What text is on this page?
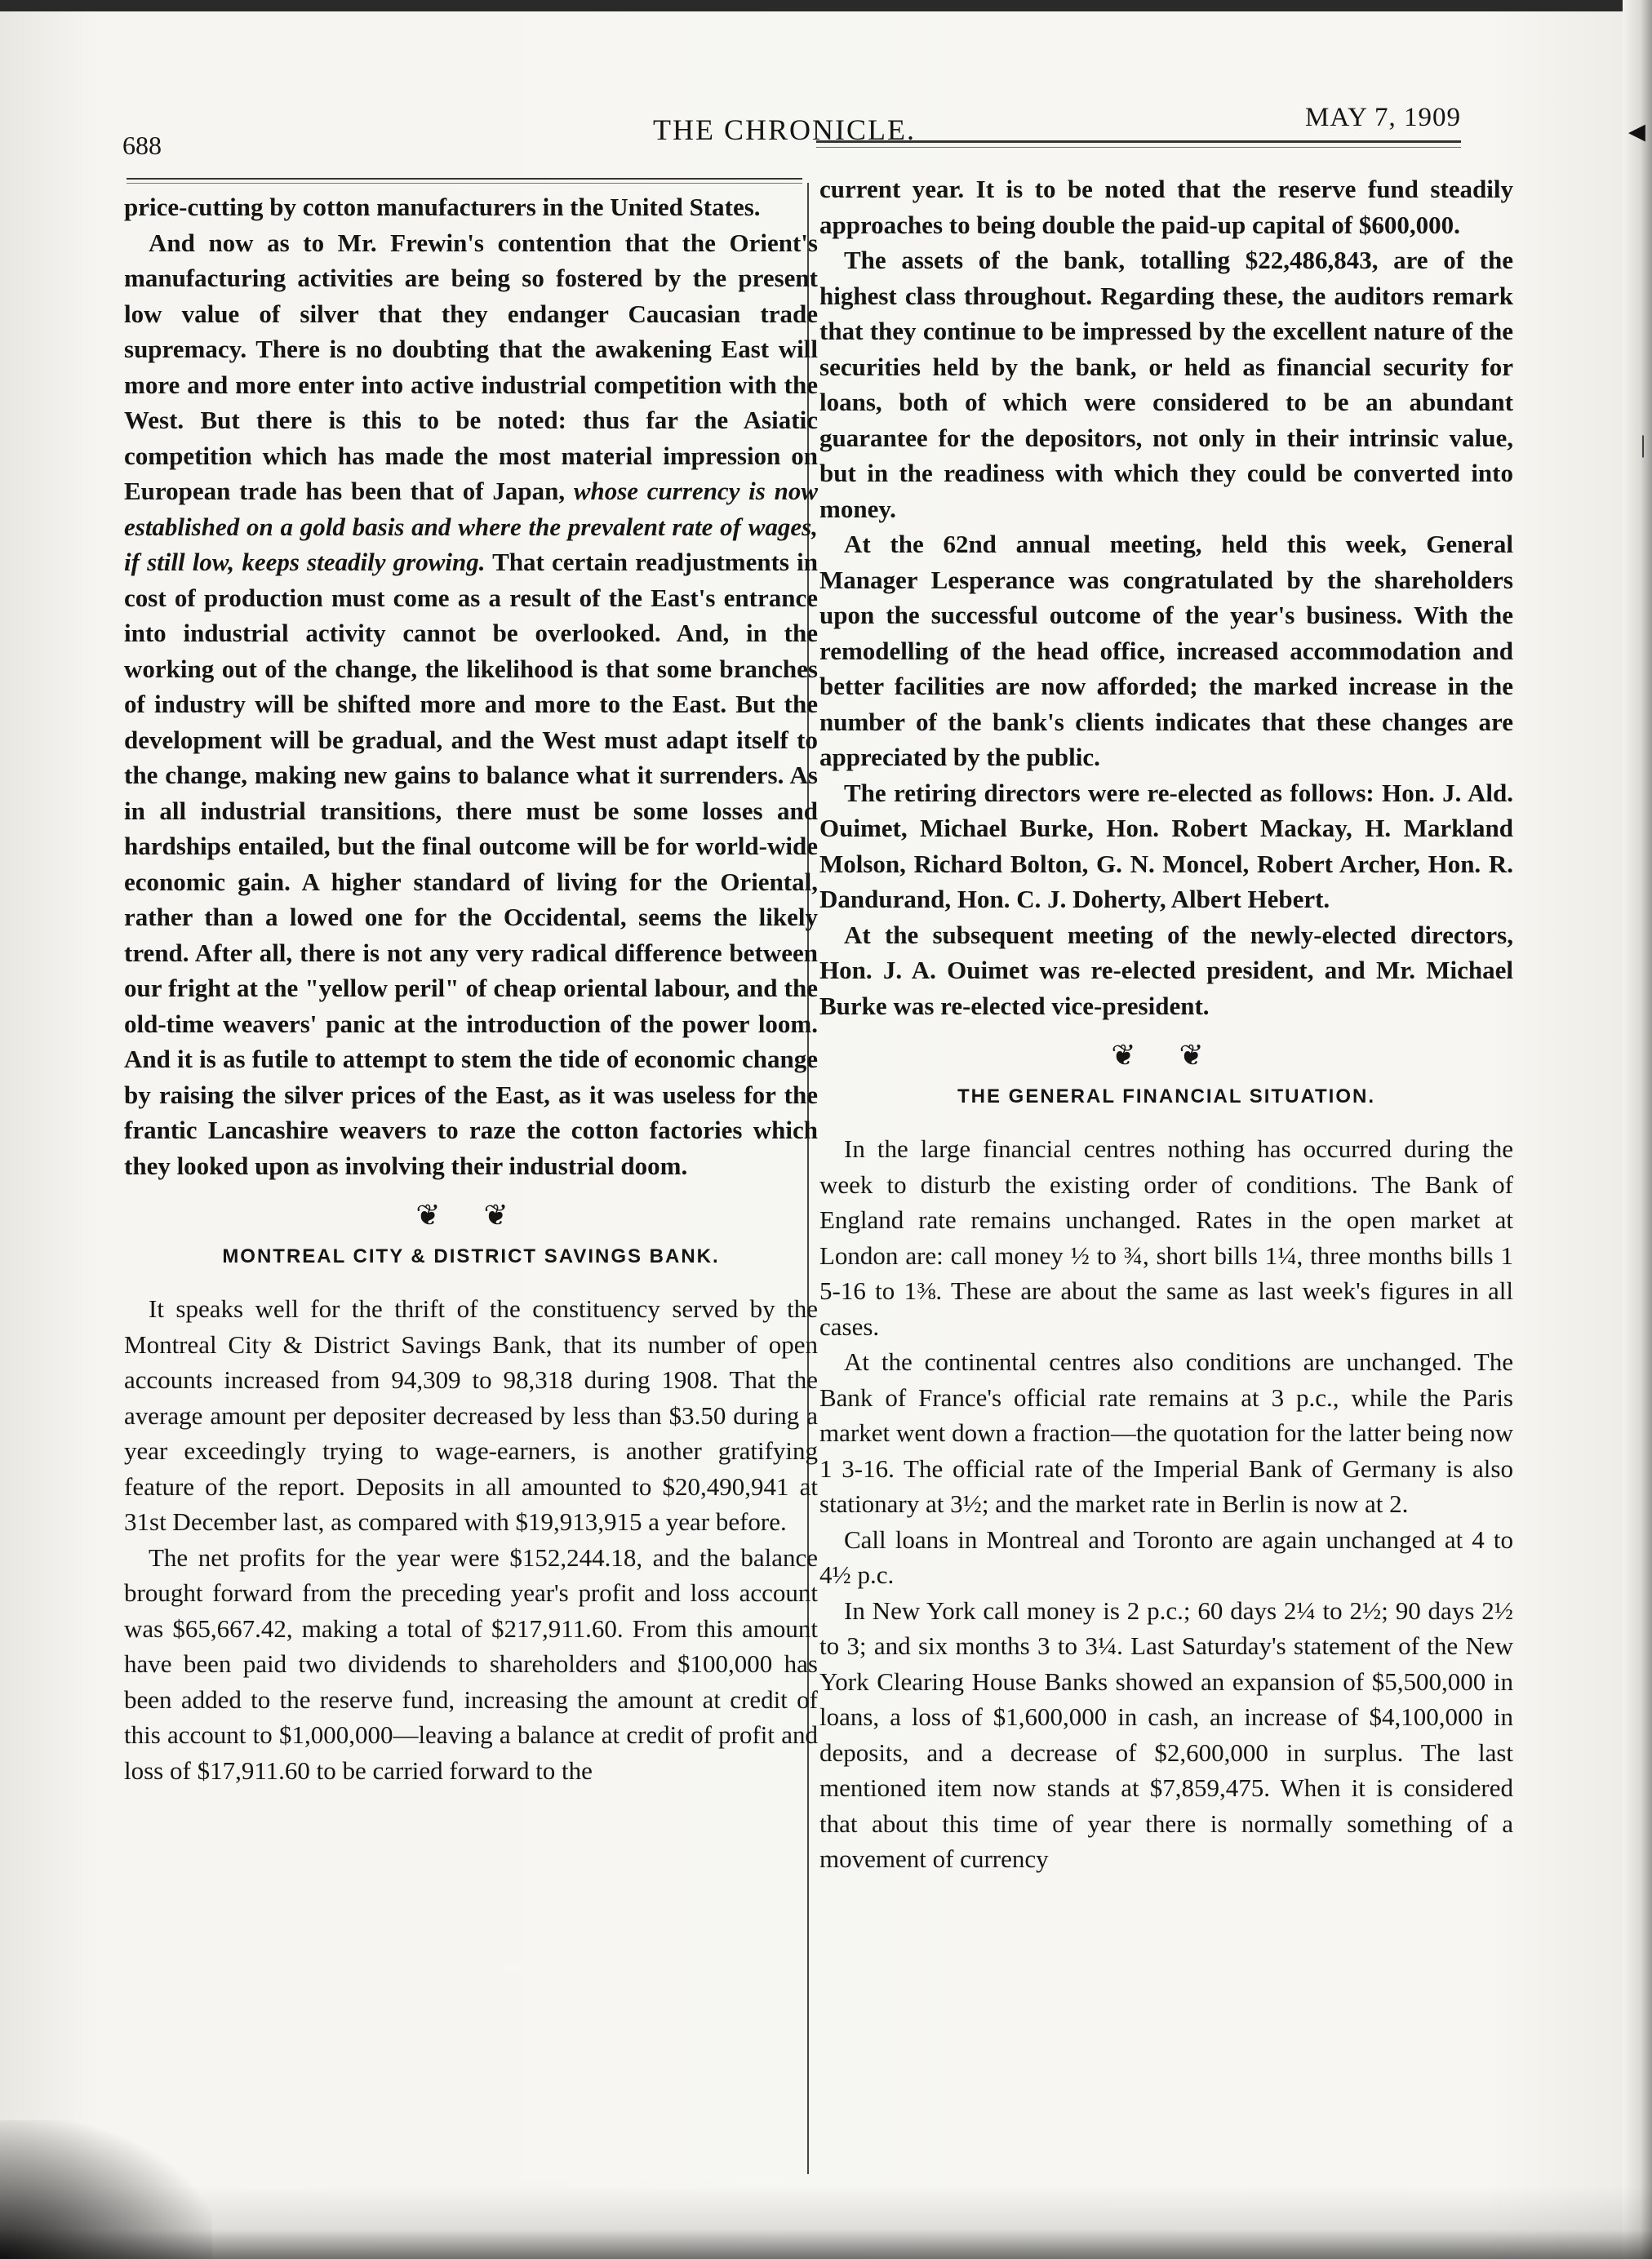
◂
|
688	THE CHRONICLE.	MAY 7, 1909

price-cutting by cotton manufacturers in the United States.

And now as to Mr. Frewin's contention that the Orient's manufacturing activities are being so fostered by the present low value of silver that they endanger Caucasian trade supremacy. There is no doubting that the awakening East will more and more enter into active industrial competition with the West. But there is this to be noted: thus far the Asiatic competition which has made the most material impression on European trade has been that of Japan, whose currency is now established on a gold basis and where the prevalent rate of wages, if still low, keeps steadily growing. That certain readjustments in cost of production must come as a result of the East's entrance into industrial activity cannot be overlooked. And, in the working out of the change, the likelihood is that some branches of industry will be shifted more and more to the East. But the development will be gradual, and the West must adapt itself to the change, making new gains to balance what it surrenders. As in all industrial transitions, there must be some losses and hardships entailed, but the final outcome will be for world-wide economic gain. A higher standard of living for the Oriental, rather than a lowed one for the Occidental, seems the likely trend. After all, there is not any very radical difference between our fright at the "yellow peril" of cheap oriental labour, and the old-time weavers' panic at the introduction of the power loom. And it is as futile to attempt to stem the tide of economic change by raising the silver prices of the East, as it was useless for the frantic Lancashire weavers to raze the cotton factories which they looked upon as involving their industrial doom.

❦ ❦
MONTREAL CITY & DISTRICT SAVINGS BANK.

It speaks well for the thrift of the constituency served by the Montreal City & District Savings Bank, that its number of open accounts increased from 94,309 to 98,318 during 1908. That the average amount per depositer decreased by less than $3.50 during a year exceedingly trying to wage-earners, is another gratifying feature of the report. Deposits in all amounted to $20,490,941 at 31st December last, as compared with $19,913,915 a year before.

The net profits for the year were $152,244.18, and the balance brought forward from the preceding year's profit and loss account was $65,667.42, making a total of $217,911.60. From this amount have been paid two dividends to shareholders and $100,000 has been added to the reserve fund, increasing the amount at credit of this account to $1,000,000—leaving a balance at credit of profit and loss of $17,911.60 to be carried forward to the

current year. It is to be noted that the reserve fund steadily approaches to being double the paid-up capital of $600,000.

The assets of the bank, totalling $22,486,843, are of the highest class throughout. Regarding these, the auditors remark that they continue to be impressed by the excellent nature of the securities held by the bank, or held as financial security for loans, both of which were considered to be an abundant guarantee for the depositors, not only in their intrinsic value, but in the readiness with which they could be converted into money.

At the 62nd annual meeting, held this week, General Manager Lesperance was congratulated by the shareholders upon the successful outcome of the year's business. With the remodelling of the head office, increased accommodation and better facilities are now afforded; the marked increase in the number of the bank's clients indicates that these changes are appreciated by the public.

The retiring directors were re-elected as follows: Hon. J. Ald. Ouimet, Michael Burke, Hon. Robert Mackay, H. Markland Molson, Richard Bolton, G. N. Moncel, Robert Archer, Hon. R. Dandurand, Hon. C. J. Doherty, Albert Hebert.

At the subsequent meeting of the newly-elected directors, Hon. J. A. Ouimet was re-elected president, and Mr. Michael Burke was re-elected vice-president.

❦ ❦
THE GENERAL FINANCIAL SITUATION.

In the large financial centres nothing has occurred during the week to disturb the existing order of conditions. The Bank of England rate remains unchanged. Rates in the open market at London are: call money ½ to ¾, short bills 1¼, three months bills 1 5-16 to 1⅜. These are about the same as last week's figures in all cases.

At the continental centres also conditions are unchanged. The Bank of France's official rate remains at 3 p.c., while the Paris market went down a fraction—the quotation for the latter being now 1 3-16. The official rate of the Imperial Bank of Germany is also stationary at 3½; and the market rate in Berlin is now at 2.

Call loans in Montreal and Toronto are again unchanged at 4 to 4½ p.c.

In New York call money is 2 p.c.; 60 days 2¼ to 2½; 90 days 2½ to 3; and six months 3 to 3¼. Last Saturday's statement of the New York Clearing House Banks showed an expansion of $5,500,000 in loans, a loss of $1,600,000 in cash, an increase of $4,100,000 in deposits, and a decrease of $2,600,000 in surplus. The last mentioned item now stands at $7,859,475. When it is considered that about this time of year there is normally something of a movement of currency
